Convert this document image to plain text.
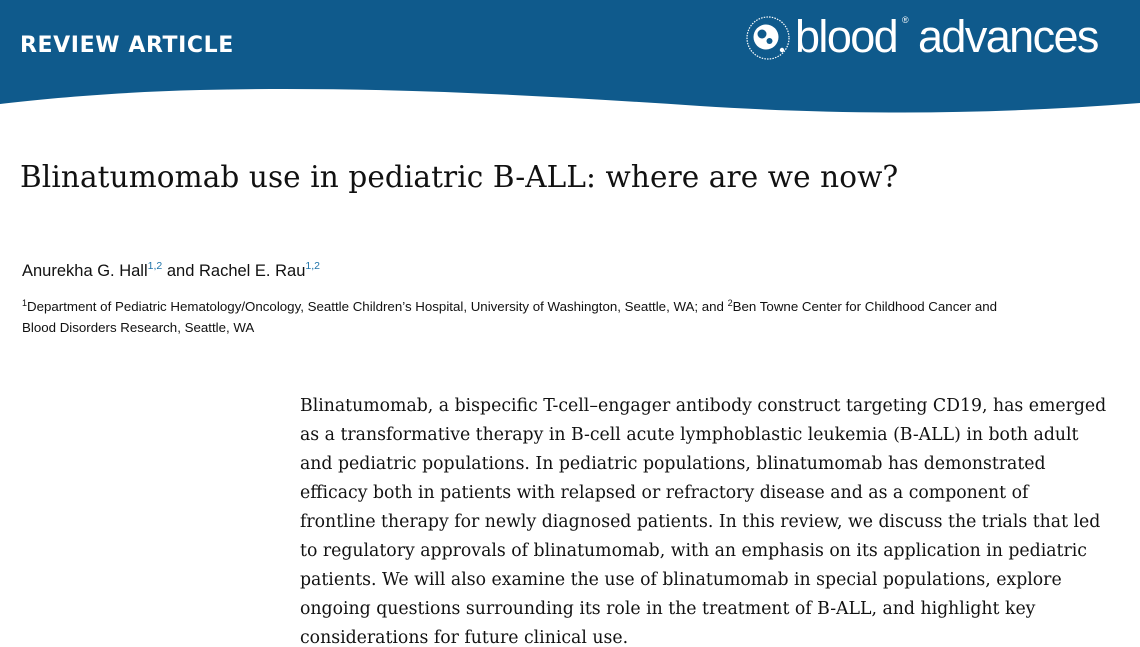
REVIEW ARTICLE	blood ® advances
Blinatumomab use in pediatric B-ALL: where are we now?
Anurekha G. Hall$^{1,2}$ and Rachel E. Rau$^{1,2}$
$^1$Department of Pediatric Hematology/Oncology, Seattle Children’s Hospital, University of Washington, Seattle, WA; and $^2$Ben Towne Center for Childhood Cancer and
Blood Disorders Research, Seattle, WA

Blinatumomab, a bispecific T-cell–engager antibody construct targeting CD19, has emerged

as a transformative therapy in B-cell acute lymphoblastic leukemia (B-ALL) in both adult

and pediatric populations. In pediatric populations, blinatumomab has demonstrated

efficacy both in patients with relapsed or refractory disease and as a component of

frontline therapy for newly diagnosed patients. In this review, we discuss the trials that led

to regulatory approvals of blinatumomab, with an emphasis on its application in pediatric

patients. We will also examine the use of blinatumomab in special populations, explore

ongoing questions surrounding its role in the treatment of B-ALL, and highlight key

considerations for future clinical use.
